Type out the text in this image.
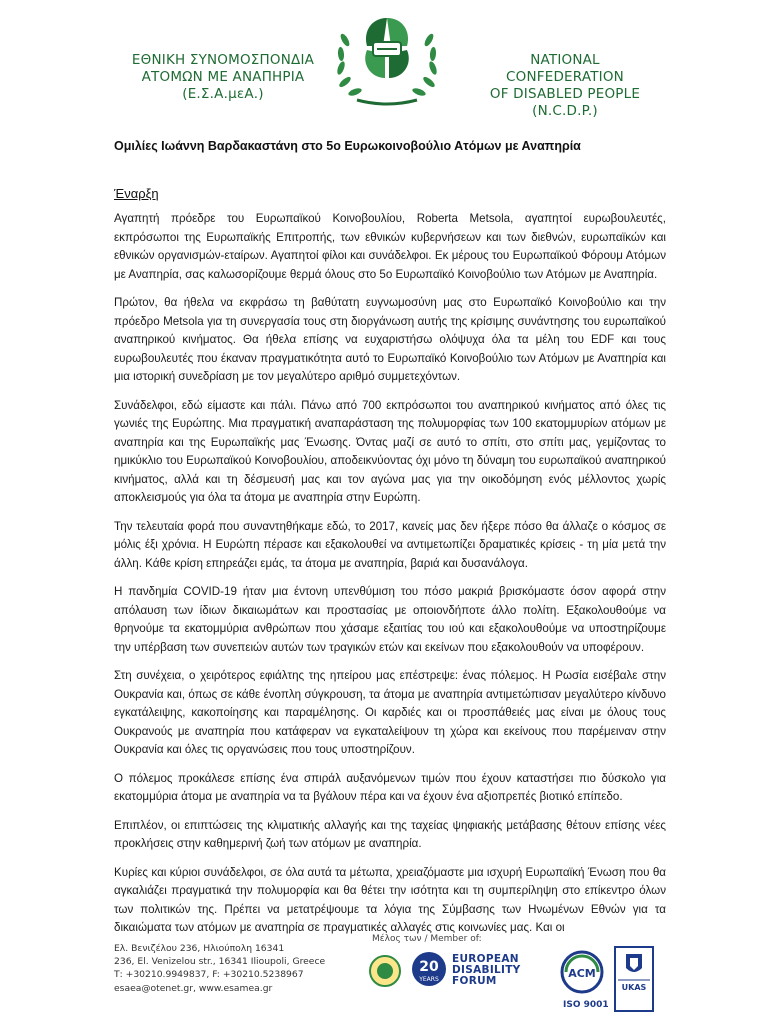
ΕΘΝΙΚΗ ΣΥΝΟΜΟΣΠΟΝΔΙΑ
ΑΤΟΜΩΝ ΜΕ ΑΝΑΠΗΡΙΑ (Ε.Σ.Α.μεΑ.)
NATIONAL CONFEDERATION
OF DISABLED PEOPLE (N.C.D.P.)
Ομιλίες Ιωάννη Βαρδακαστάνη στο 5ο Ευρωκοινοβούλιο Ατόμων με Αναπηρία
Έναρξη

Αγαπητή πρόεδρε του Ευρωπαϊκού Κοινοβουλίου, Roberta Metsola, αγαπητοί ευρωβουλευτές, εκπρόσωποι της Ευρωπαϊκής Επιτροπής, των εθνικών κυβερνήσεων και των διεθνών, ευρωπαϊκών και εθνικών οργανισμών-εταίρων. Αγαπητοί φίλοι και συνάδελφοι. Εκ μέρους του Ευρωπαϊκού Φόρουμ Ατόμων με Αναπηρία, σας καλωσορίζουμε θερμά όλους στο 5ο Ευρωπαϊκό Κοινοβούλιο των Ατόμων με Αναπηρία.

Πρώτον, θα ήθελα να εκφράσω τη βαθύτατη ευγνωμοσύνη μας στο Ευρωπαϊκό Κοινοβούλιο και την πρόεδρο Metsola για τη συνεργασία τους στη διοργάνωση αυτής της κρίσιμης συνάντησης του ευρωπαϊκού αναπηρικού κινήματος. Θα ήθελα επίσης να ευχαριστήσω ολόψυχα όλα τα μέλη του EDF και τους ευρωβουλευτές που έκαναν πραγματικότητα αυτό το Ευρωπαϊκό Κοινοβούλιο των Ατόμων με Αναπηρία και μια ιστορική συνεδρίαση με τον μεγαλύτερο αριθμό συμμετεχόντων.

Συνάδελφοι, εδώ είμαστε και πάλι. Πάνω από 700 εκπρόσωποι του αναπηρικού κινήματος από όλες τις γωνιές της Ευρώπης. Μια πραγματική αναπαράσταση της πολυμορφίας των 100 εκατομμυρίων ατόμων με αναπηρία και της Ευρωπαϊκής μας Ένωσης. Όντας μαζί σε αυτό το σπίτι, στο σπίτι μας, γεμίζοντας το ημικύκλιο του Ευρωπαϊκού Κοινοβουλίου, αποδεικνύοντας όχι μόνο τη δύναμη του ευρωπαϊκού αναπηρικού κινήματος, αλλά και τη δέσμευσή μας και τον αγώνα μας για την οικοδόμηση ενός μέλλοντος χωρίς αποκλεισμούς για όλα τα άτομα με αναπηρία στην Ευρώπη.

Την τελευταία φορά που συναντηθήκαμε εδώ, το 2017, κανείς μας δεν ήξερε πόσο θα άλλαζε ο κόσμος σε μόλις έξι χρόνια. Η Ευρώπη πέρασε και εξακολουθεί να αντιμετωπίζει δραματικές κρίσεις - τη μία μετά την άλλη. Κάθε κρίση επηρεάζει εμάς, τα άτομα με αναπηρία, βαριά και δυσανάλογα.

Η πανδημία COVID-19 ήταν μια έντονη υπενθύμιση του πόσο μακριά βρισκόμαστε όσον αφορά στην απόλαυση των ίδιων δικαιωμάτων και προστασίας με οποιονδήποτε άλλο πολίτη. Εξακολουθούμε να θρηνούμε τα εκατομμύρια ανθρώπων που χάσαμε εξαιτίας του ιού και εξακολουθούμε να υποστηρίζουμε την υπέρβαση των συνεπειών αυτών των τραγικών ετών και εκείνων που εξακολουθούν να υποφέρουν.

Στη συνέχεια, ο χειρότερος εφιάλτης της ηπείρου μας επέστρεψε: ένας πόλεμος. Η Ρωσία εισέβαλε στην Ουκρανία και, όπως σε κάθε ένοπλη σύγκρουση, τα άτομα με αναπηρία αντιμετώπισαν μεγαλύτερο κίνδυνο εγκατάλειψης, κακοποίησης και παραμέλησης. Οι καρδιές και οι προσπάθειές μας είναι με όλους τους Ουκρανούς με αναπηρία που κατάφεραν να εγκαταλείψουν τη χώρα και εκείνους που παρέμειναν στην Ουκρανία και όλες τις οργανώσεις που τους υποστηρίζουν.

Ο πόλεμος προκάλεσε επίσης ένα σπιράλ αυξανόμενων τιμών που έχουν καταστήσει πιο δύσκολο για εκατομμύρια άτομα με αναπηρία να τα βγάλουν πέρα και να έχουν ένα αξιοπρεπές βιοτικό επίπεδο.

Επιπλέον, οι επιπτώσεις της κλιματικής αλλαγής και της ταχείας ψηφιακής μετάβασης θέτουν επίσης νέες προκλήσεις στην καθημερινή ζωή των ατόμων με αναπηρία.

Κυρίες και κύριοι συνάδελφοι, σε όλα αυτά τα μέτωπα, χρειαζόμαστε μια ισχυρή Ευρωπαϊκή Ένωση που θα αγκαλιάζει πραγματικά την πολυμορφία και θα θέτει την ισότητα και τη συμπερίληψη στο επίκεντρο όλων των πολιτικών της. Πρέπει να μετατρέψουμε τα λόγια της Σύμβασης των Ηνωμένων Εθνών για τα δικαιώματα των ατόμων με αναπηρία σε πραγματικές αλλαγές στις κοινωνίες μας. Και οι

Ελ. Βενιζέλου 236, Ηλιούπολη 16341
236, El. Venizelou str., 16341 Ilioupoli, Greece
Τ: +30210.9949837, F: +30210.5238967
esaea@otenet.gr, www.esamea.gr
Μέλος των / Member of:
20
YEARS
EUROPEAN
DISABILITY
FORUM
ACM
ISO 9001
UKAS
